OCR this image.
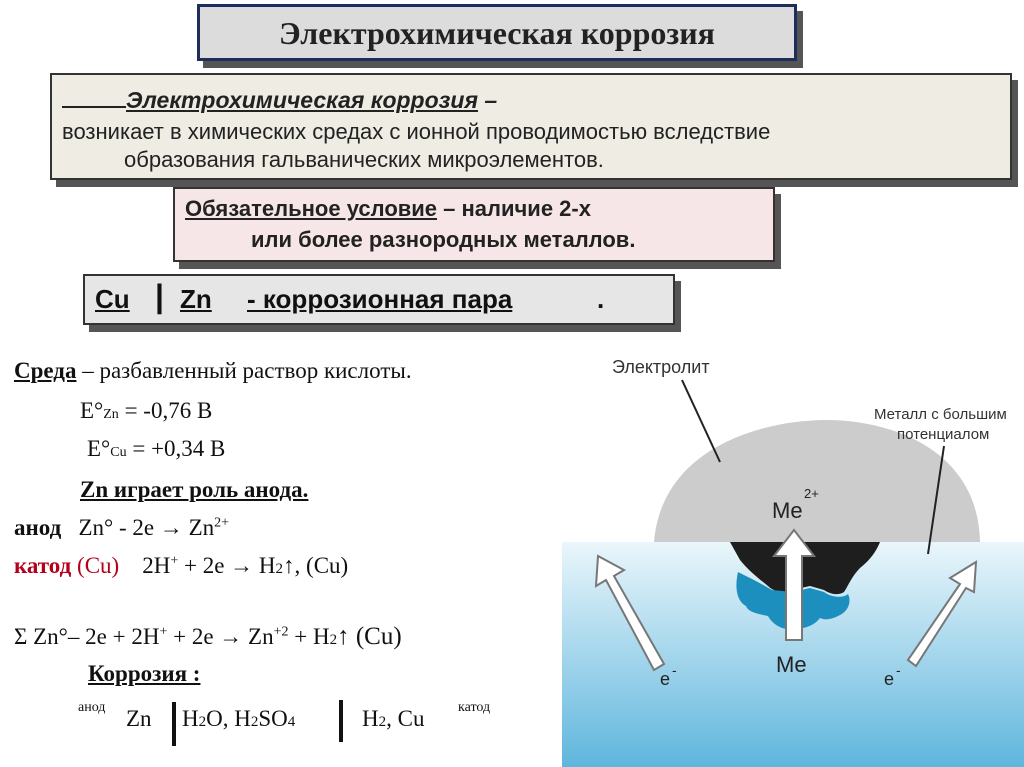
Электрохимическая коррозия
Электрохимическая коррозия –
возникает в химических средах с ионной проводимостью вследствие
образования гальванических микроэлементов.
Обязательное условие – наличие 2-х
или более разнородных металлов.
Cu | Zn - коррозионная пара	.
Среда – разбавленный раствор кислоты.
E°Zn = -0,76 В
E°Cu = +0,34 В
Zn играет роль анода.
анод $Zn^\circ - 2e \to Zn^{2+}$
катод (Cu) 2H+ + 2e → H2↑, (Cu)
Σ Zn°– $2e + 2H^+ + 2e \to Zn^{+2}$ + H2↑ (Cu)
Коррозия :
анод Zn H2O, H2SO4	H2, Cu катод
Электролит
Металл с большим
потенциалом
Me
2+
Me
e -	e -
